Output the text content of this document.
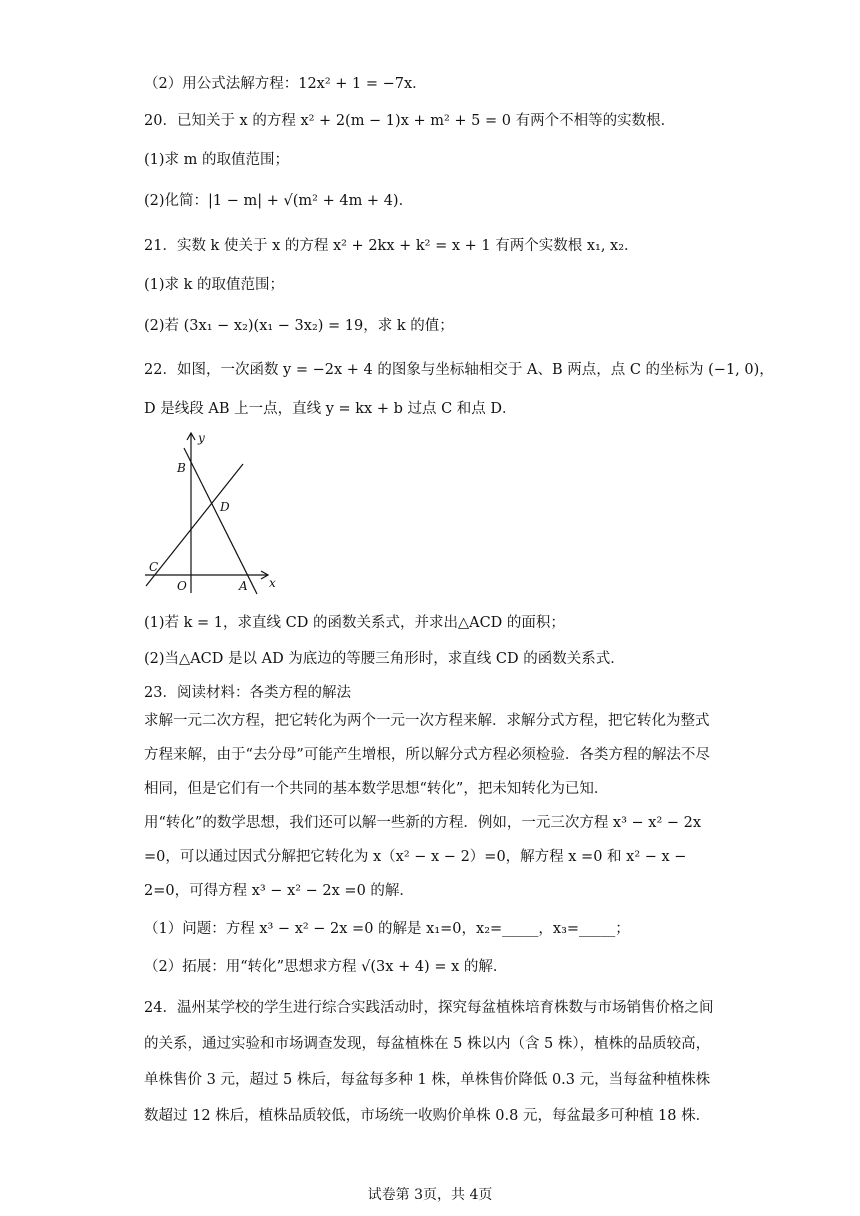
（2）用公式法解方程：12x² + 1 = −7x．
20．已知关于 x 的方程 x² + 2(m − 1)x + m² + 5 = 0 有两个不相等的实数根．
(1)求 m 的取值范围；
(2)化简：|1 − m| + √(m² + 4m + 4)．
21．实数 k 使关于 x 的方程 x² + 2kx + k² = x + 1 有两个实数根 x₁, x₂．
(1)求 k 的取值范围；
(2)若 (3x₁ − x₂)(x₁ − 3x₂) = 19，求 k 的值；
22．如图，一次函数 y = −2x + 4 的图象与坐标轴相交于 A、B 两点，点 C 的坐标为 (−1, 0)，
D 是线段 AB 上一点，直线 y = kx + b 过点 C 和点 D．
y
B
D
C
O	A x
(1)若 k = 1，求直线 CD 的函数关系式，并求出△ACD 的面积；
(2)当△ACD 是以 AD 为底边的等腰三角形时，求直线 CD 的函数关系式．
23．阅读材料：各类方程的解法
求解一元二次方程，把它转化为两个一元一次方程来解．求解分式方程，把它转化为整式方程来解，由于“去分母”可能产生增根，所以解分式方程必须检验．各类方程的解法不尽相同，但是它们有一个共同的基本数学思想“转化”，把未知转化为已知．
用“转化”的数学思想，我们还可以解一些新的方程．例如，一元三次方程 x³ − x² − 2x =0，可以通过因式分解把它转化为 x（x² − x − 2）=0，解方程 x =0 和 x² − x − 2=0，可得方程 x³ − x² − 2x =0 的解．
（1）问题：方程 x³ − x² − 2x =0 的解是 x₁=0，x₂=_____，x₃=_____；
（2）拓展：用“转化”思想求方程 √(3x + 4) = x 的解．
24．温州某学校的学生进行综合实践活动时，探究每盆植株培育株数与市场销售价格之间的关系，通过实验和市场调查发现，每盆植株在 5 株以内（含 5 株），植株的品质较高，单株售价 3 元，超过 5 株后，每盆每多种 1 株，单株售价降低 0.3 元，当每盆种植株株数超过 12 株后，植株品质较低，市场统一收购价单株 0.8 元，每盆最多可种植 18 株．
试卷第 3页，共 4页
